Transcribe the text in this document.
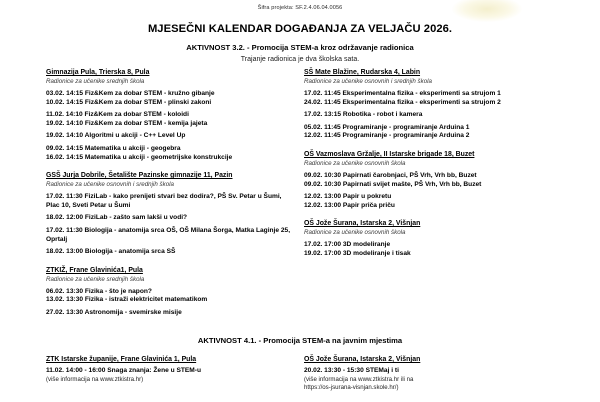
Šifra projekta: SF.2.4.06.04.0056
MJESEČNI KALENDAR DOGAĐANJA ZA VELJAČU 2026.
AKTIVNOST 3.2. - Promocija STEM-a kroz održavanje radionica
Trajanje radionica je dva školska sata.
Gimnazija Pula, Trierska 8, Pula
Radionice za učenike srednjih škola
03.02. 14:15 Fiz&Kem za dobar STEM - kružno gibanje
10.02. 14:15 Fiz&Kem za dobar STEM - plinski zakoni
11.02. 14:10 Fiz&Kem za dobar STEM - koloidi
19.02. 14:10 Fiz&Kem za dobar STEM - kemija jajeta
19.02. 14:10 Algoritmi u akciji - C++ Level Up
09.02. 14:15 Matematika u akciji - geogebra
16.02. 14:15 Matematika u akciji - geometrijske konstrukcije
GSŠ Jurja Dobrile, Šetalište Pazinske gimnazije 11, Pazin
Radionice za učenike osnovnih i srednjih škola
17.02. 11:30 FiziLab - kako prenijeti stvari bez dodira?, PŠ Sv. Petar u Šumi, Plac 10, Sveti Petar u Šumi
18.02. 12:00 FiziLab - zašto sam lakši u vodi?
17.02. 11:30 Biologija - anatomija srca OŠ, OŠ Milana Šorga, Matka Laginje 25, Oprtalj
18.02. 13:00 Biologija - anatomija srca SŠ
ZTKIŽ, Frane Glavinića1, Pula
Radionice za učenike srednjih škola
06.02. 13:30 Fizika - što je napon?
13.02. 13:30 Fizika - istraži elektricitet matematikom
27.02. 13:30 Astronomija - svemirske misije
SŠ Mate Blažine, Rudarska 4, Labin
Radionice za učenike osnovnih i srednjih škola
17.02. 11:45 Eksperimentalna fizika - eksperimenti sa strujom 1
24.02. 11:45 Eksperimentalna fizika - eksperimenti sa strujom 2
17.02. 13:15 Robotika - robot i kamera
05.02. 11:45 Programiranje - programiranje Arduina 1
12.02. 11:45 Programiranje - programiranje Arduina 2
OŠ Vazmoslava Gržalje, II Istarske brigade 18, Buzet
Radionice za učenike osnovnih škola
09.02. 10:30 Papirnati čarobnjaci, PŠ Vrh, Vrh bb, Buzet
09.02. 10:30 Papirnati svijet mašte, PŠ Vrh, Vrh bb, Buzet
12.02. 13:00 Papir u pokretu
12.02. 13:00 Papir priča priču
OŠ Jože Šurana, Istarska 2, Višnjan
Radionice za učenike osnovnih škola
17.02. 17:00 3D modeliranje
19.02. 17:00 3D modeliranje i tisak
AKTIVNOST 4.1. - Promocija STEM-a na javnim mjestima
ZTK Istarske županije, Frane Glavinića 1, Pula
11.02. 14:00 - 16:00 Snaga znanja: Žene u STEM-u
(više informacija na www.ztkistra.hr)
OŠ Jože Šurana, Istarska 2, Višnjan
20.02. 13:30 - 15:30 STEMaj i ti
(više informacija na www.ztkistra.hr ili na
https://os-jsurana-visnjan.skole.hr/)
